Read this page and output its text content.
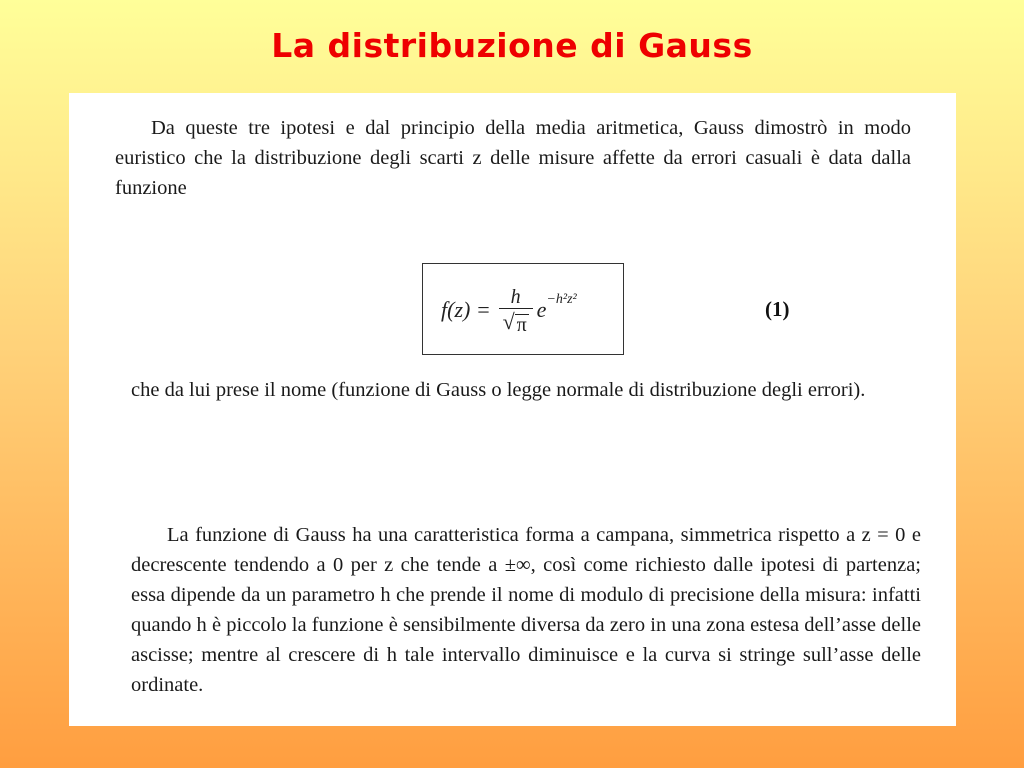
La distribuzione di Gauss

Da queste tre ipotesi e dal principio della media aritmetica, Gauss dimostrò in modo euristico che la distribuzione degli scarti z delle misure affette da errori casuali è data dalla funzione

$f(z) = \frac{h}{√ \pi}$ e −h²z²	(1)

che da lui prese il nome (funzione di Gauss o legge normale di distribuzione degli errori).

La funzione di Gauss ha una caratteristica forma a campana, simmetrica rispetto a z = 0 e decrescente tendendo a 0 per z che tende a ±∞, così come richiesto dalle ipotesi di partenza; essa dipende da un parametro h che prende il nome di modulo di precisione della misura: infatti quando h è piccolo la funzione è sensibilmente diversa da zero in una zona estesa dell’asse delle ascisse; mentre al crescere di h tale intervallo diminuisce e la curva si stringe sull’asse delle ordinate.
